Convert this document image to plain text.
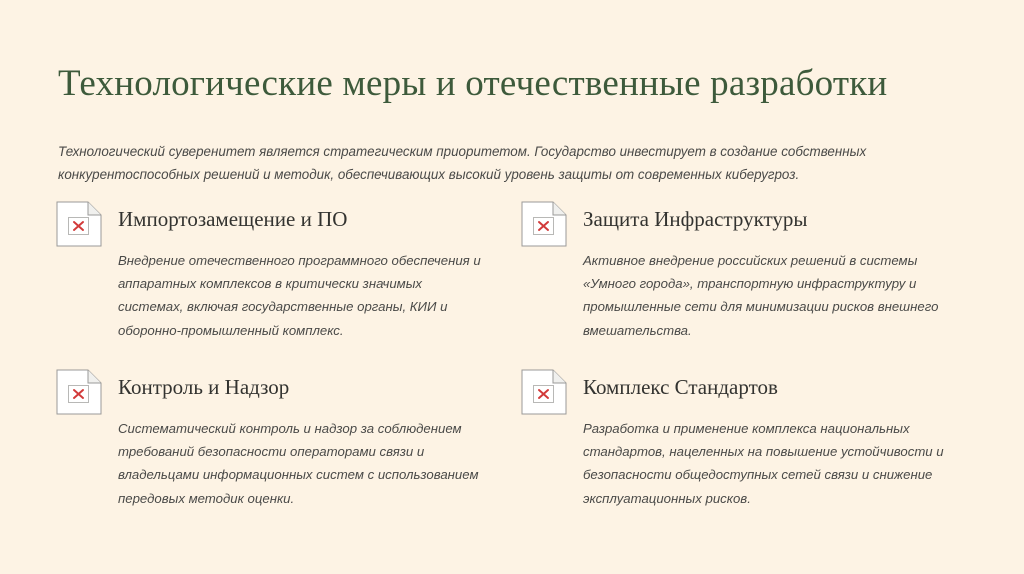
Технологические меры и отечественные разработки
Технологический суверенитет является стратегическим приоритетом. Государство инвестирует в создание собственных конкурентоспособных решений и методик, обеспечивающих высокий уровень защиты от современных киберугроз.
Импортозамещение и ПО
Внедрение отечественного программного обеспечения и аппаратных комплексов в критически значимых системах, включая государственные органы, КИИ и оборонно-промышленный комплекс.
Защита Инфраструктуры
Активное внедрение российских решений в системы «Умного города», транспортную инфраструктуру и промышленные сети для минимизации рисков внешнего вмешательства.
Контроль и Надзор
Систематический контроль и надзор за соблюдением требований безопасности операторами связи и владельцами информационных систем с использованием передовых методик оценки.
Комплекс Стандартов
Разработка и применение комплекса национальных стандартов, нацеленных на повышение устойчивости и безопасности общедоступных сетей связи и снижение эксплуатационных рисков.
